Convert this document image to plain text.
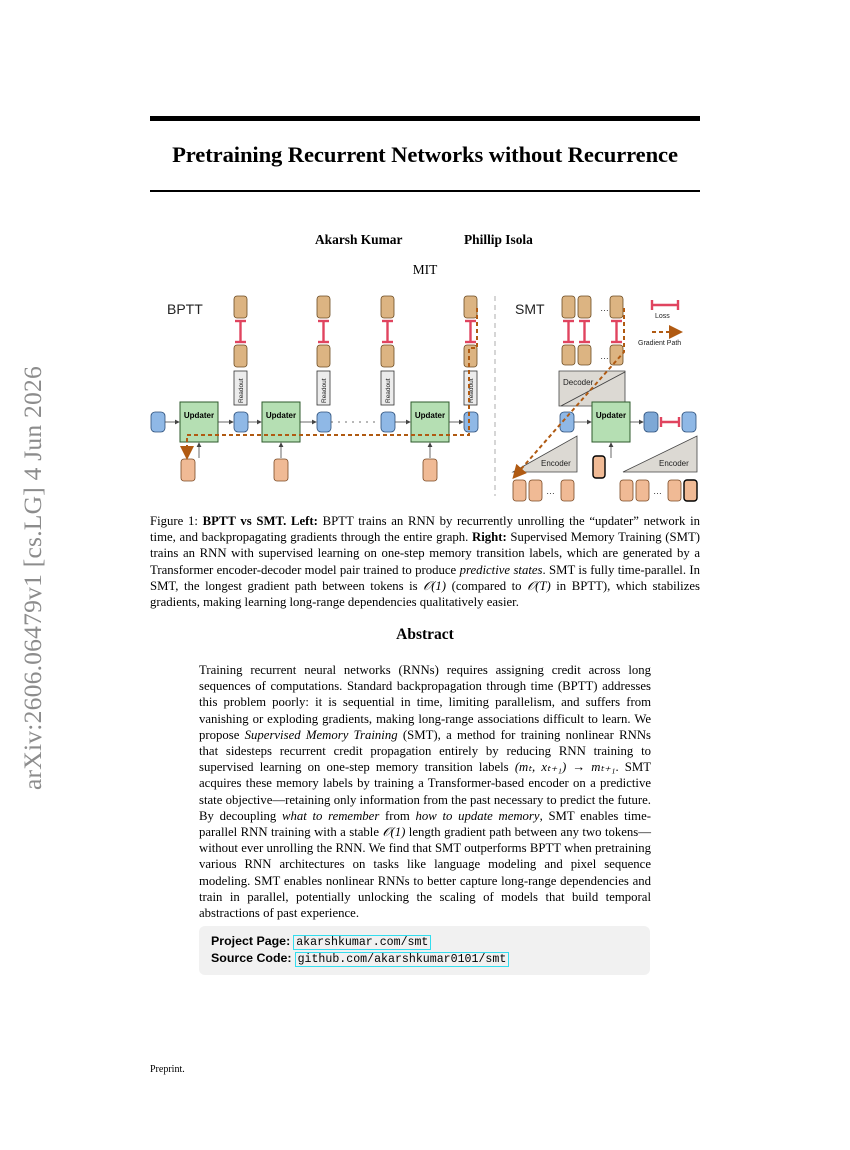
Pretraining Recurrent Networks without Recurrence
Akarsh Kumar	Phillip Isola
MIT
arXiv:2606.06479v1 [cs.LG] 4 Jun 2026
BPTT
Readout	Readout	Readout	Readout
Updater	Updater	Updater
SMT	…
…
Decoder
Updater
Encoder	Encoder
…	…
Loss
Gradient Path
Figure 1: BPTT vs SMT. Left: BPTT trains an RNN by recurrently unrolling the “updater” network in time, and backpropagating gradients through the entire graph. Right: Supervised Memory Training (SMT) trains an RNN with supervised learning on one-step memory transition labels, which are generated by a Transformer encoder-decoder model pair trained to produce predictive states. SMT is fully time-parallel. In SMT, the longest gradient path between tokens is 𝒪(1) (compared to 𝒪(T) in BPTT), which stabilizes gradients, making learning long-range dependencies qualitatively easier.
Abstract
Training recurrent neural networks (RNNs) requires assigning credit across long sequences of computations. Standard backpropagation through time (BPTT) addresses this problem poorly: it is sequential in time, limiting parallelism, and suffers from vanishing or exploding gradients, making long-range associations difficult to learn. We propose Supervised Memory Training (SMT), a method for training nonlinear RNNs that sidesteps recurrent credit propagation entirely by reducing RNN training to supervised learning on one-step memory transition labels (mₜ, xₜ₊₁) → mₜ₊₁. SMT acquires these memory labels by training a Transformer-based encoder on a predictive state objective—retaining only information from the past necessary to predict the future. By decoupling what to remember from how to update memory, SMT enables time-parallel RNN training with a stable 𝒪(1) length gradient path between any two tokens—without ever unrolling the RNN. We find that SMT outperforms BPTT when pretraining various RNN architectures on tasks like language modeling and pixel sequence modeling. SMT enables nonlinear RNNs to better capture long-range dependencies and train in parallel, potentially unlocking the scaling of models that build temporal abstractions of past experience.
Project Page: akarshkumar.com/smt
Source Code: github.com/akarshkumar0101/smt
Preprint.
